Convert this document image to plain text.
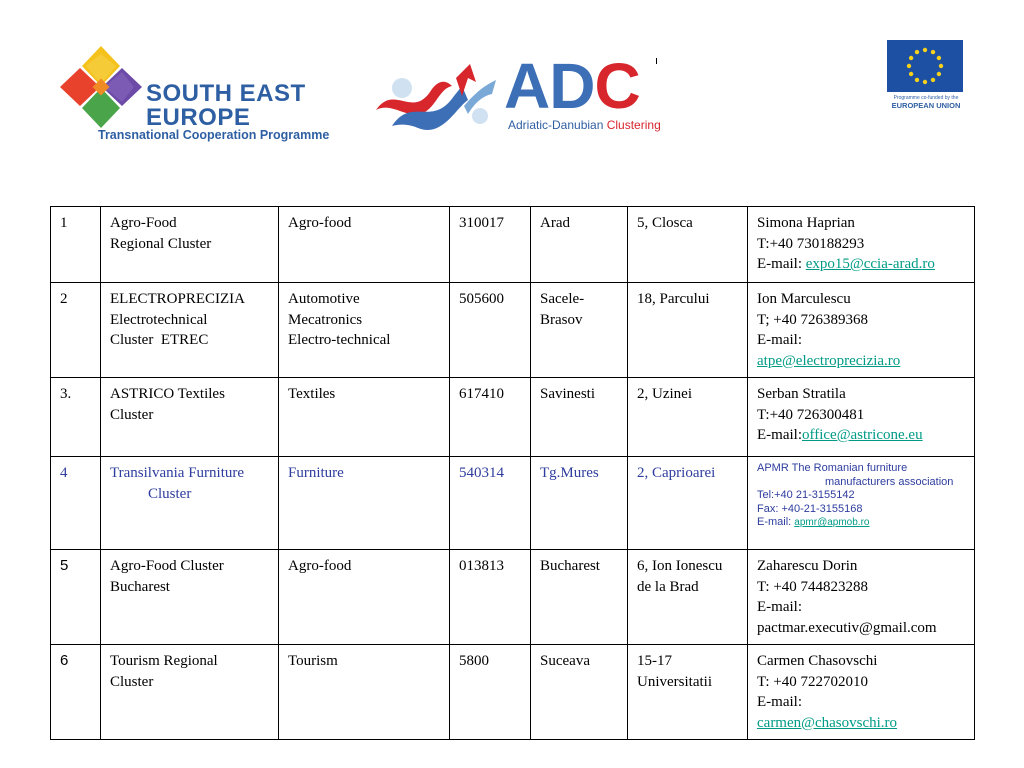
SOUTH EAST
EUROPE
Transnational Cooperation Programme
ADC
Adriatic-Danubian Clustering
Programme co-funded by the
EUROPEAN UNION
1	Agro-Food
Regional Cluster	Agro-food	310017	Arad	5, Closca	Simona Haprian
T:+40 730188293
E-mail: expo15@ccia-arad.ro

2	ELECTROPRECIZIA
Electrotechnical
Cluster  ETREC	Automotive
Mecatronics
Electro-technical	505600	Sacele-
Brasov	18, Parcului	Ion Marculescu
T; +40 726389368
E-mail:
atpe@electroprecizia.ro

3.	ASTRICO Textiles
Cluster	Textiles	617410	Savinesti	2, Uzinei	Serban Stratila
T:+40 726300481
E-mail:office@astricone.eu

4	Transilvania Furniture
Cluster	Furniture	540314	Tg.Mures	2, Caprioarei	APMR The Romanian furniture
manufacturers association
Tel:+40 21-3155142
Fax: +40-21-3155168
E-mail: apmr@apmob.ro

5	Agro-Food Cluster
Bucharest	Agro-food	013813	Bucharest	6, Ion Ionescu
de la Brad	Zaharescu Dorin
T: +40 744823288
E-mail:
pactmar.executiv@gmail.com

6	Tourism Regional
Cluster	Tourism	5800	Suceava	15-17
Universitatii	Carmen Chasovschi
T: +40 722702010
E-mail:
carmen@chasovschi.ro
